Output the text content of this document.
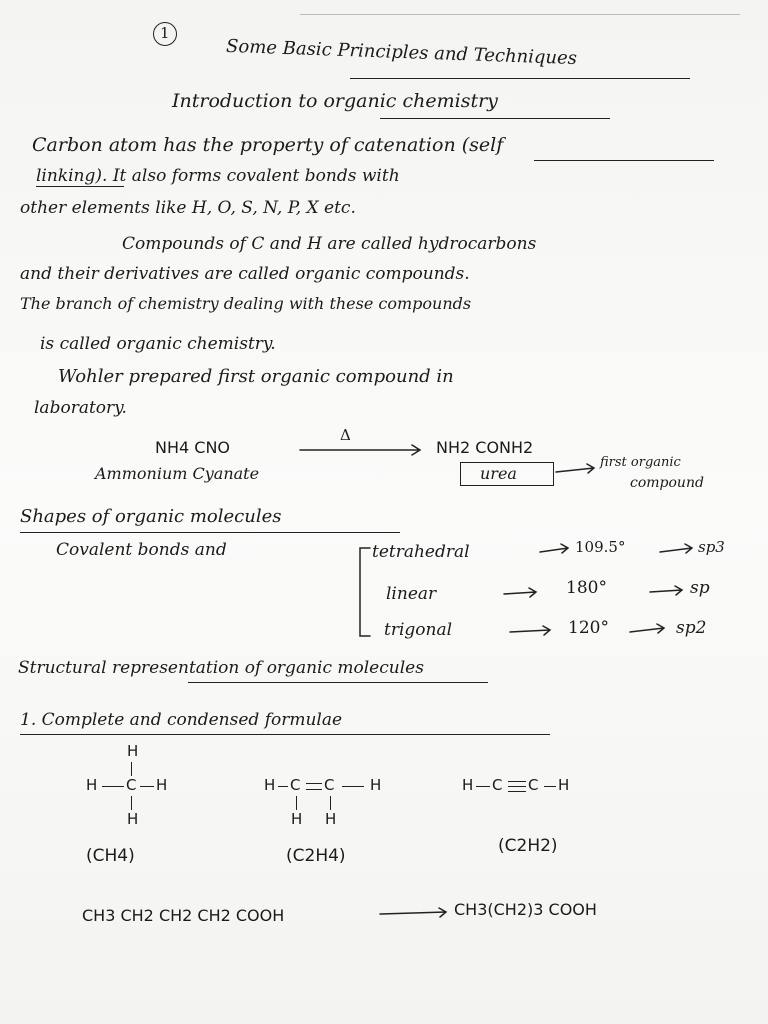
1
Some Basic Principles and Techniques
Introduction to organic chemistry
Carbon atom has the property of catenation (self
linking). It also forms covalent bonds with
other elements like H, O, S, N, P, X etc.
Compounds of C and H are called hydrocarbons
and their derivatives are called organic compounds.
The branch of chemistry dealing with these compounds
is called organic chemistry.
Wohler prepared first organic compound in
laboratory.
NH4 CNO
Δ
NH2 CONH2
Ammonium Cyanate	urea
first organic
compound
Shapes of organic molecules
Covalent bonds and	tetrahedral	109.5°	sp3
linear	180°	sp
trigonal	120°	sp2
Structural representation of organic molecules
1. Complete and condensed formulae
H
H C H
H
H C C H
H H
H C C H
(CH4)	(C2H4)	(C2H2)
CH3 CH2 CH2 CH2 COOH	CH3(CH2)3 COOH
